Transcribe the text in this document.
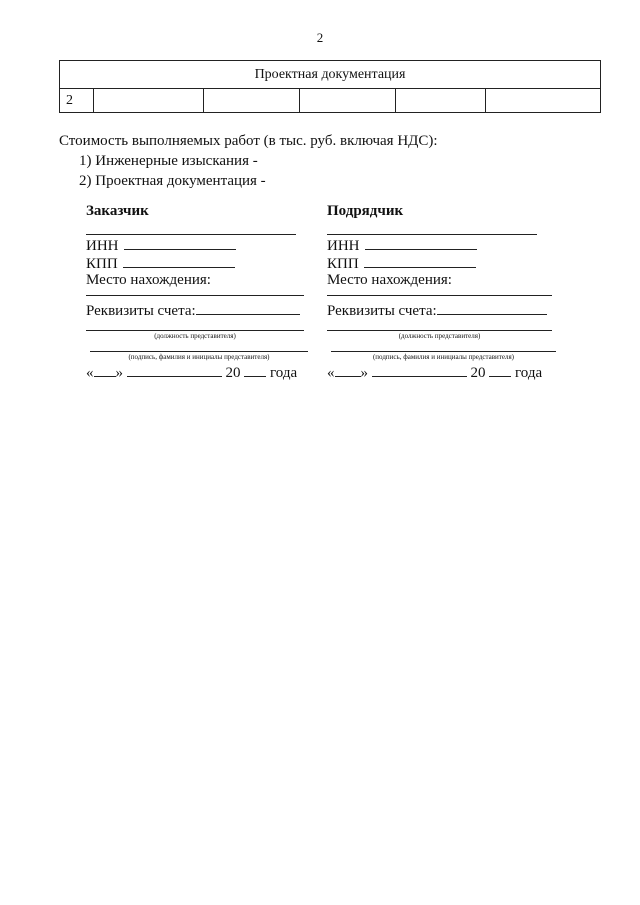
2
Проектная документация
2					
Стоимость выполняемых работ (в тыс. руб. включая НДС):
1) Инженерные изыскания -
2) Проектная документация -
Заказчик
ИНН
КПП
Место нахождения:
Реквизиты счета:
(должность представителя)
(подпись, фамилия и инициалы представителя)
« »	20 года
Подрядчик
ИНН
КПП
Место нахождения:
Реквизиты счета:
(должность представителя)
(подпись, фамилия и инициалы представителя)
« »	20 года
